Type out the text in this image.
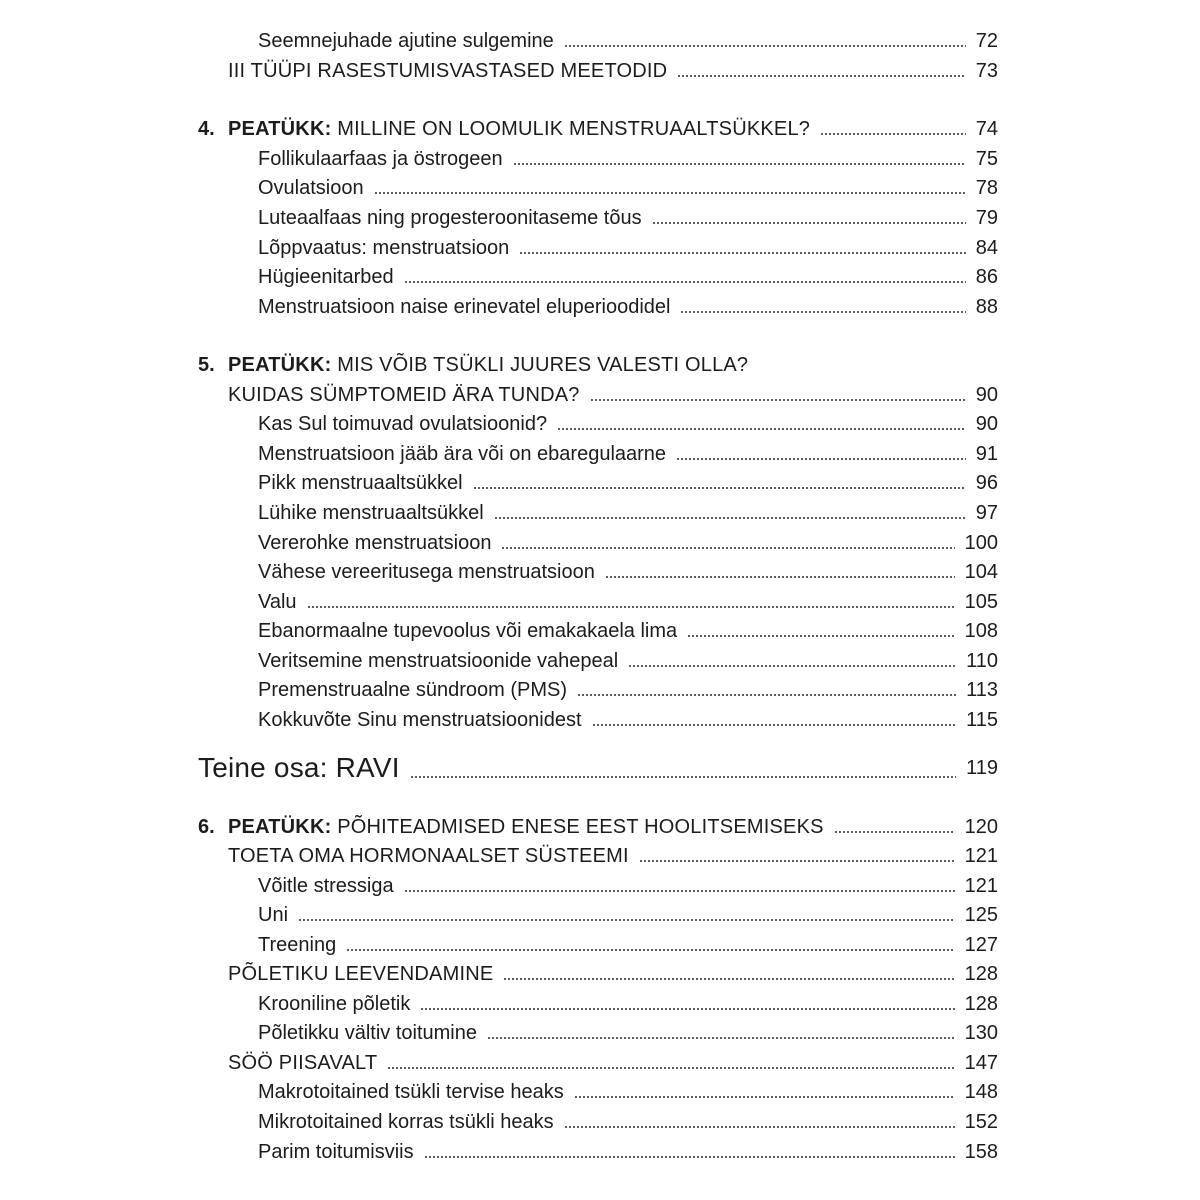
Seemnejuhade ajutine sulgemine	72
III TÜÜPI RASESTUMISVASTASED MEETODID	73
4. PEATÜKK: MILLINE ON LOOMULIK MENSTRUAALTSÜKKEL?	74
Follikulaarfaas ja östrogeen	75
Ovulatsioon	78
Luteaalfaas ning progesteroonitaseme tõus	79
Lõppvaatus: menstruatsioon	84
Hügieenitarbed	86
Menstruatsioon naise erinevatel eluperioodidel	88
5. PEATÜKK: MIS VÕIB TSÜKLI JUURES VALESTI OLLA?
KUIDAS SÜMPTOMEID ÄRA TUNDA?	90
Kas Sul toimuvad ovulatsioonid?	90
Menstruatsioon jääb ära või on ebaregulaarne	91
Pikk menstruaaltsükkel	96
Lühike menstruaaltsükkel	97
Vererohke menstruatsioon	100
Vähese vereeritusega menstruatsioon	104
Valu	105
Ebanormaalne tupevoolus või emakakaela lima	108
Veritsemine menstruatsioonide vahepeal	110
Premenstruaalne sündroom (PMS)	113
Kokkuvõte Sinu menstruatsioonidest	115
Teine osa: RAVI	119
6. PEATÜKK: PÕHITEADMISED ENESE EEST HOOLITSEMISEKS	120
TOETA OMA HORMONAALSET SÜSTEEMI	121
Võitle stressiga	121
Uni	125
Treening	127
PÕLETIKU LEEVENDAMINE	128
Krooniline põletik	128
Põletikku vältiv toitumine	130
SÖÖ PIISAVALT	147
Makrotoitained tsükli tervise heaks	148
Mikrotoitained korras tsükli heaks	152
Parim toitumisviis	158
